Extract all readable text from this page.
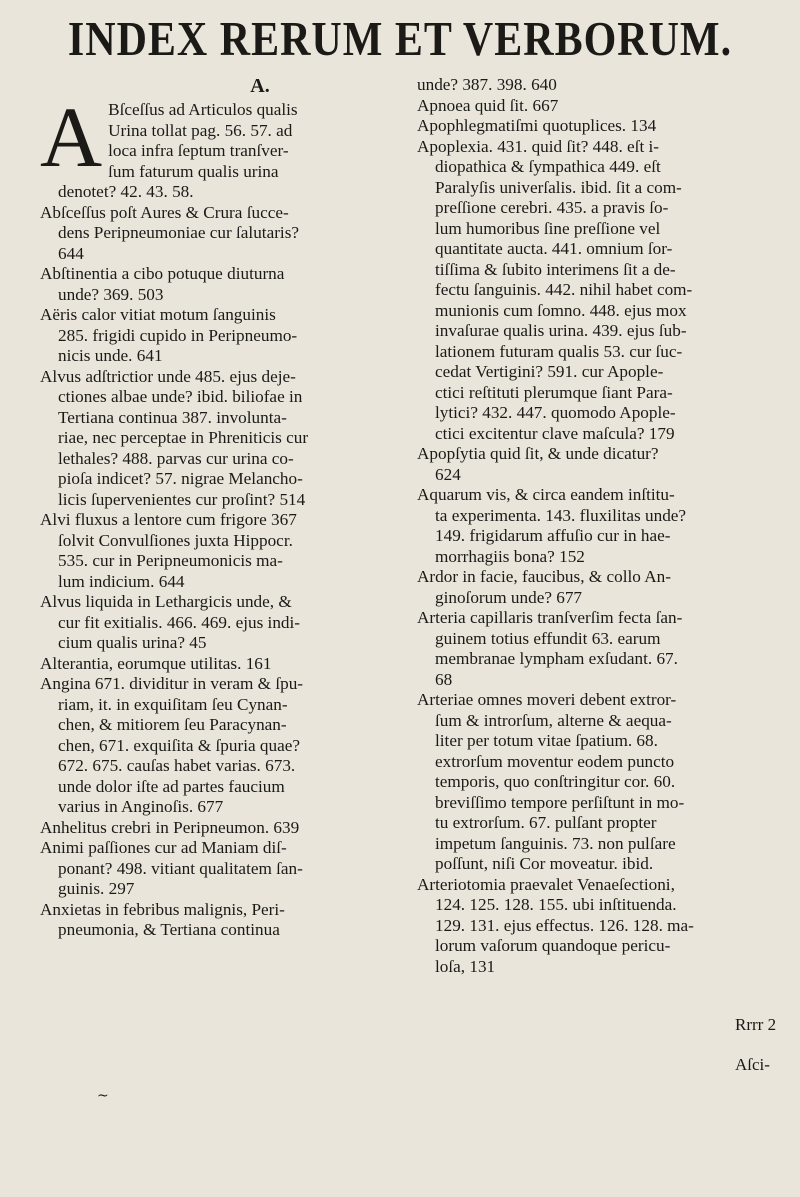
INDEX RERUM ET VERBORUM.
A.
A Bſceſſus ad Articulos qualis
Urina tollat pag. 56. 57. ad
loca infra ſeptum tranſver-
ſum faturum qualis urina
denotet? 42. 43. 58.
Abſceſſus poſt Aures & Crura ſucce-
dens Peripneumoniae cur ſalutaris?
644
Abſtinentia a cibo potuque diuturna
unde? 369. 503
Aëris calor vitiat motum ſanguinis
285. frigidi cupido in Peripneumo-
nicis unde. 641
Alvus adſtrictior unde 485. ejus deje-
ctiones albae unde? ibid. biliofae in
Tertiana continua 387. involunta-
riae, nec perceptae in Phreniticis cur
lethales? 488. parvas cur urina co-
pioſa indicet? 57. nigrae Melancho-
licis ſupervenientes cur proſint? 514
Alvi fluxus a lentore cum frigore 367
ſolvit Convulſiones juxta Hippocr.
535. cur in Peripneumonicis ma-
lum indicium. 644
Alvus liquida in Lethargicis unde, &
cur fit exitialis. 466. 469. ejus indi-
cium qualis urina? 45
Alterantia, eorumque utilitas. 161
Angina 671. dividitur in veram & ſpu-
riam, it. in exquiſitam ſeu Cynan-
chen, & mitiorem ſeu Paracynan-
chen, 671. exquiſita & ſpuria quae?
672. 675. cauſas habet varias. 673.
unde dolor iſte ad partes faucium
varius in Anginoſis. 677
Anhelitus crebri in Peripneumon. 639
Animi paſſiones cur ad Maniam diſ-
ponant? 498. vitiant qualitatem ſan-
guinis. 297
Anxietas in febribus malignis, Peri-
pneumonia, & Tertiana continua
unde? 387. 398. 640
Apnoea quid ſit. 667
Apophlegmatiſmi quotuplices. 134
Apoplexia. 431. quid ſit? 448. eſt i-
diopathica & ſympathica 449. eſt
Paralyſis univerſalis. ibid. ſit a com-
preſſione cerebri. 435. a pravis ſo-
lum humoribus ſine preſſione vel
quantitate aucta. 441. omnium ſor-
tiſſima & ſubito interimens ſit a de-
fectu ſanguinis. 442. nihil habet com-
munionis cum ſomno. 448. ejus mox
invaſurae qualis urina. 439. ejus ſub-
lationem futuram qualis 53. cur ſuc-
cedat Vertigini? 591. cur Apople-
ctici reſtituti plerumque ſiant Para-
lytici? 432. 447. quomodo Apople-
ctici excitentur clave maſcula? 179
Apopſytia quid ſit, & unde dicatur?
624
Aquarum vis, & circa eandem inſtitu-
ta experimenta. 143. fluxilitas unde?
149. frigidarum affuſio cur in hae-
morrhagiis bona? 152
Ardor in facie, faucibus, & collo An-
ginoſorum unde? 677
Arteria capillaris tranſverſim fecta ſan-
guinem totius effundit 63. earum
membranae lympham exſudant. 67.
68
Arteriae omnes moveri debent extror-
ſum & introrſum, alterne & aequa-
liter per totum vitae ſpatium. 68.
extrorſum moventur eodem puncto
temporis, quo conſtringitur cor. 60.
breviſſimo tempore perſiſtunt in mo-
tu extrorſum. 67. pulſant propter
impetum ſanguinis. 73. non pulſare
poſſunt, niſi Cor moveatur. ibid.
Arteriotomia praevalet Venaeſectioni,
124. 125. 128. 155. ubi inſtituenda.
129. 131. ejus effectus. 126. 128. ma-
lorum vaſorum quandoque pericu-
loſa, 131
Rrrr 2  Aſci-
~
